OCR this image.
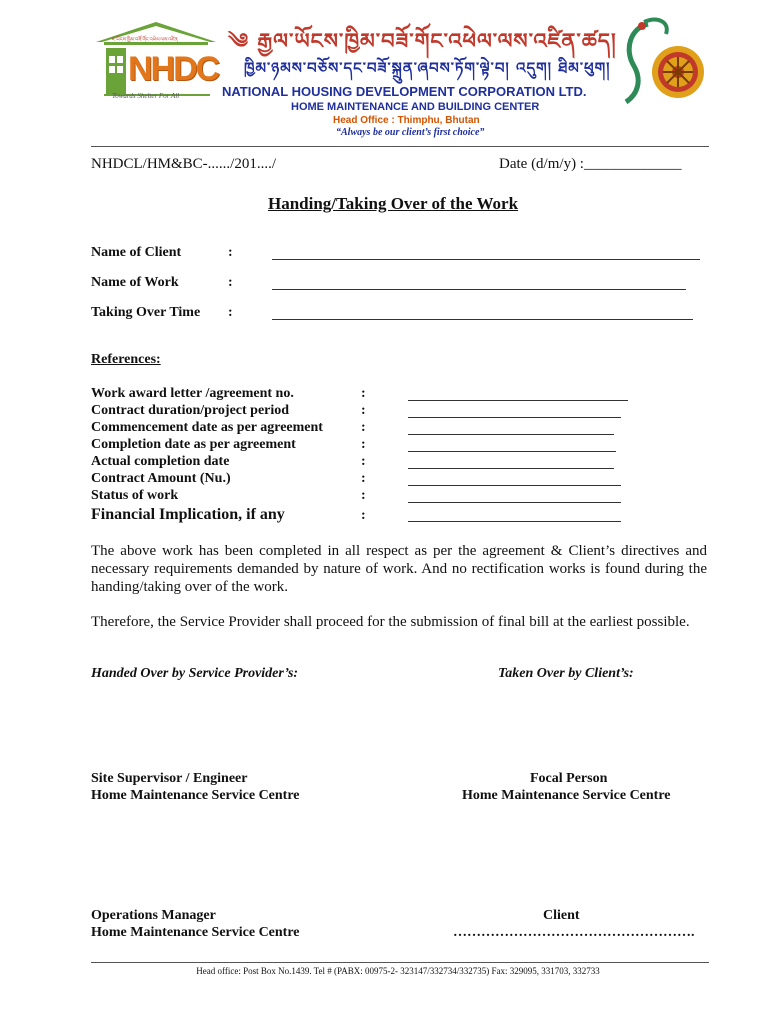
ཇ་ཡོངས་ཁྱིམ་བཟོ་གོང་འཕེལ་ལས་འཛིན
NHDC
Towards Shelter For All
༄ རྒྱལ་ཡོངས་ཁྱིམ་བཟོ་གོང་འཕེལ་ལས་འཛིན་ཚད།
ཁྱིམ་ཉམས་བཅོས་དང་བཟོ་སྐྲུན་ཞབས་ཏོག་ལྟེ་བ། འདུག། ཐིམ་ཕུག།
NATIONAL HOUSING DEVELOPMENT CORPORATION LTD.
HOME MAINTENANCE AND BUILDING CENTER
Head Office : Thimphu, Bhutan
“Always be our client’s first choice”
NHDCL/HM&BC-....../201..../	Date (d/m/y) :_____________
Handing/Taking Over of the Work
Name of Client	:
Name of Work	:
Taking Over Time :
References:
Work award letter /agreement no.	:
Contract duration/project period	:
Commencement date as per agreement	:
Completion date as per agreement	:
Actual completion date	:
Contract Amount (Nu.)	:
Status of work	:
Financial Implication, if any	:
The above work has been completed in all respect as per the agreement & Client’s directives and necessary requirements demanded by nature of work. And no rectification works is found during the handing/taking over of the work.
Therefore, the Service Provider shall proceed for the submission of final bill at the earliest possible.
Handed Over by Service Provider’s:	Taken Over by Client’s:
Site Supervisor / Engineer
Home Maintenance Service Centre
Focal Person
Home Maintenance Service Centre
Operations Manager
Home Maintenance Service Centre
Client
…………………………………………….
Head office: Post Box No.1439. Tel # (PABX: 00975-2- 323147/332734/332735) Fax: 329095, 331703, 332733
